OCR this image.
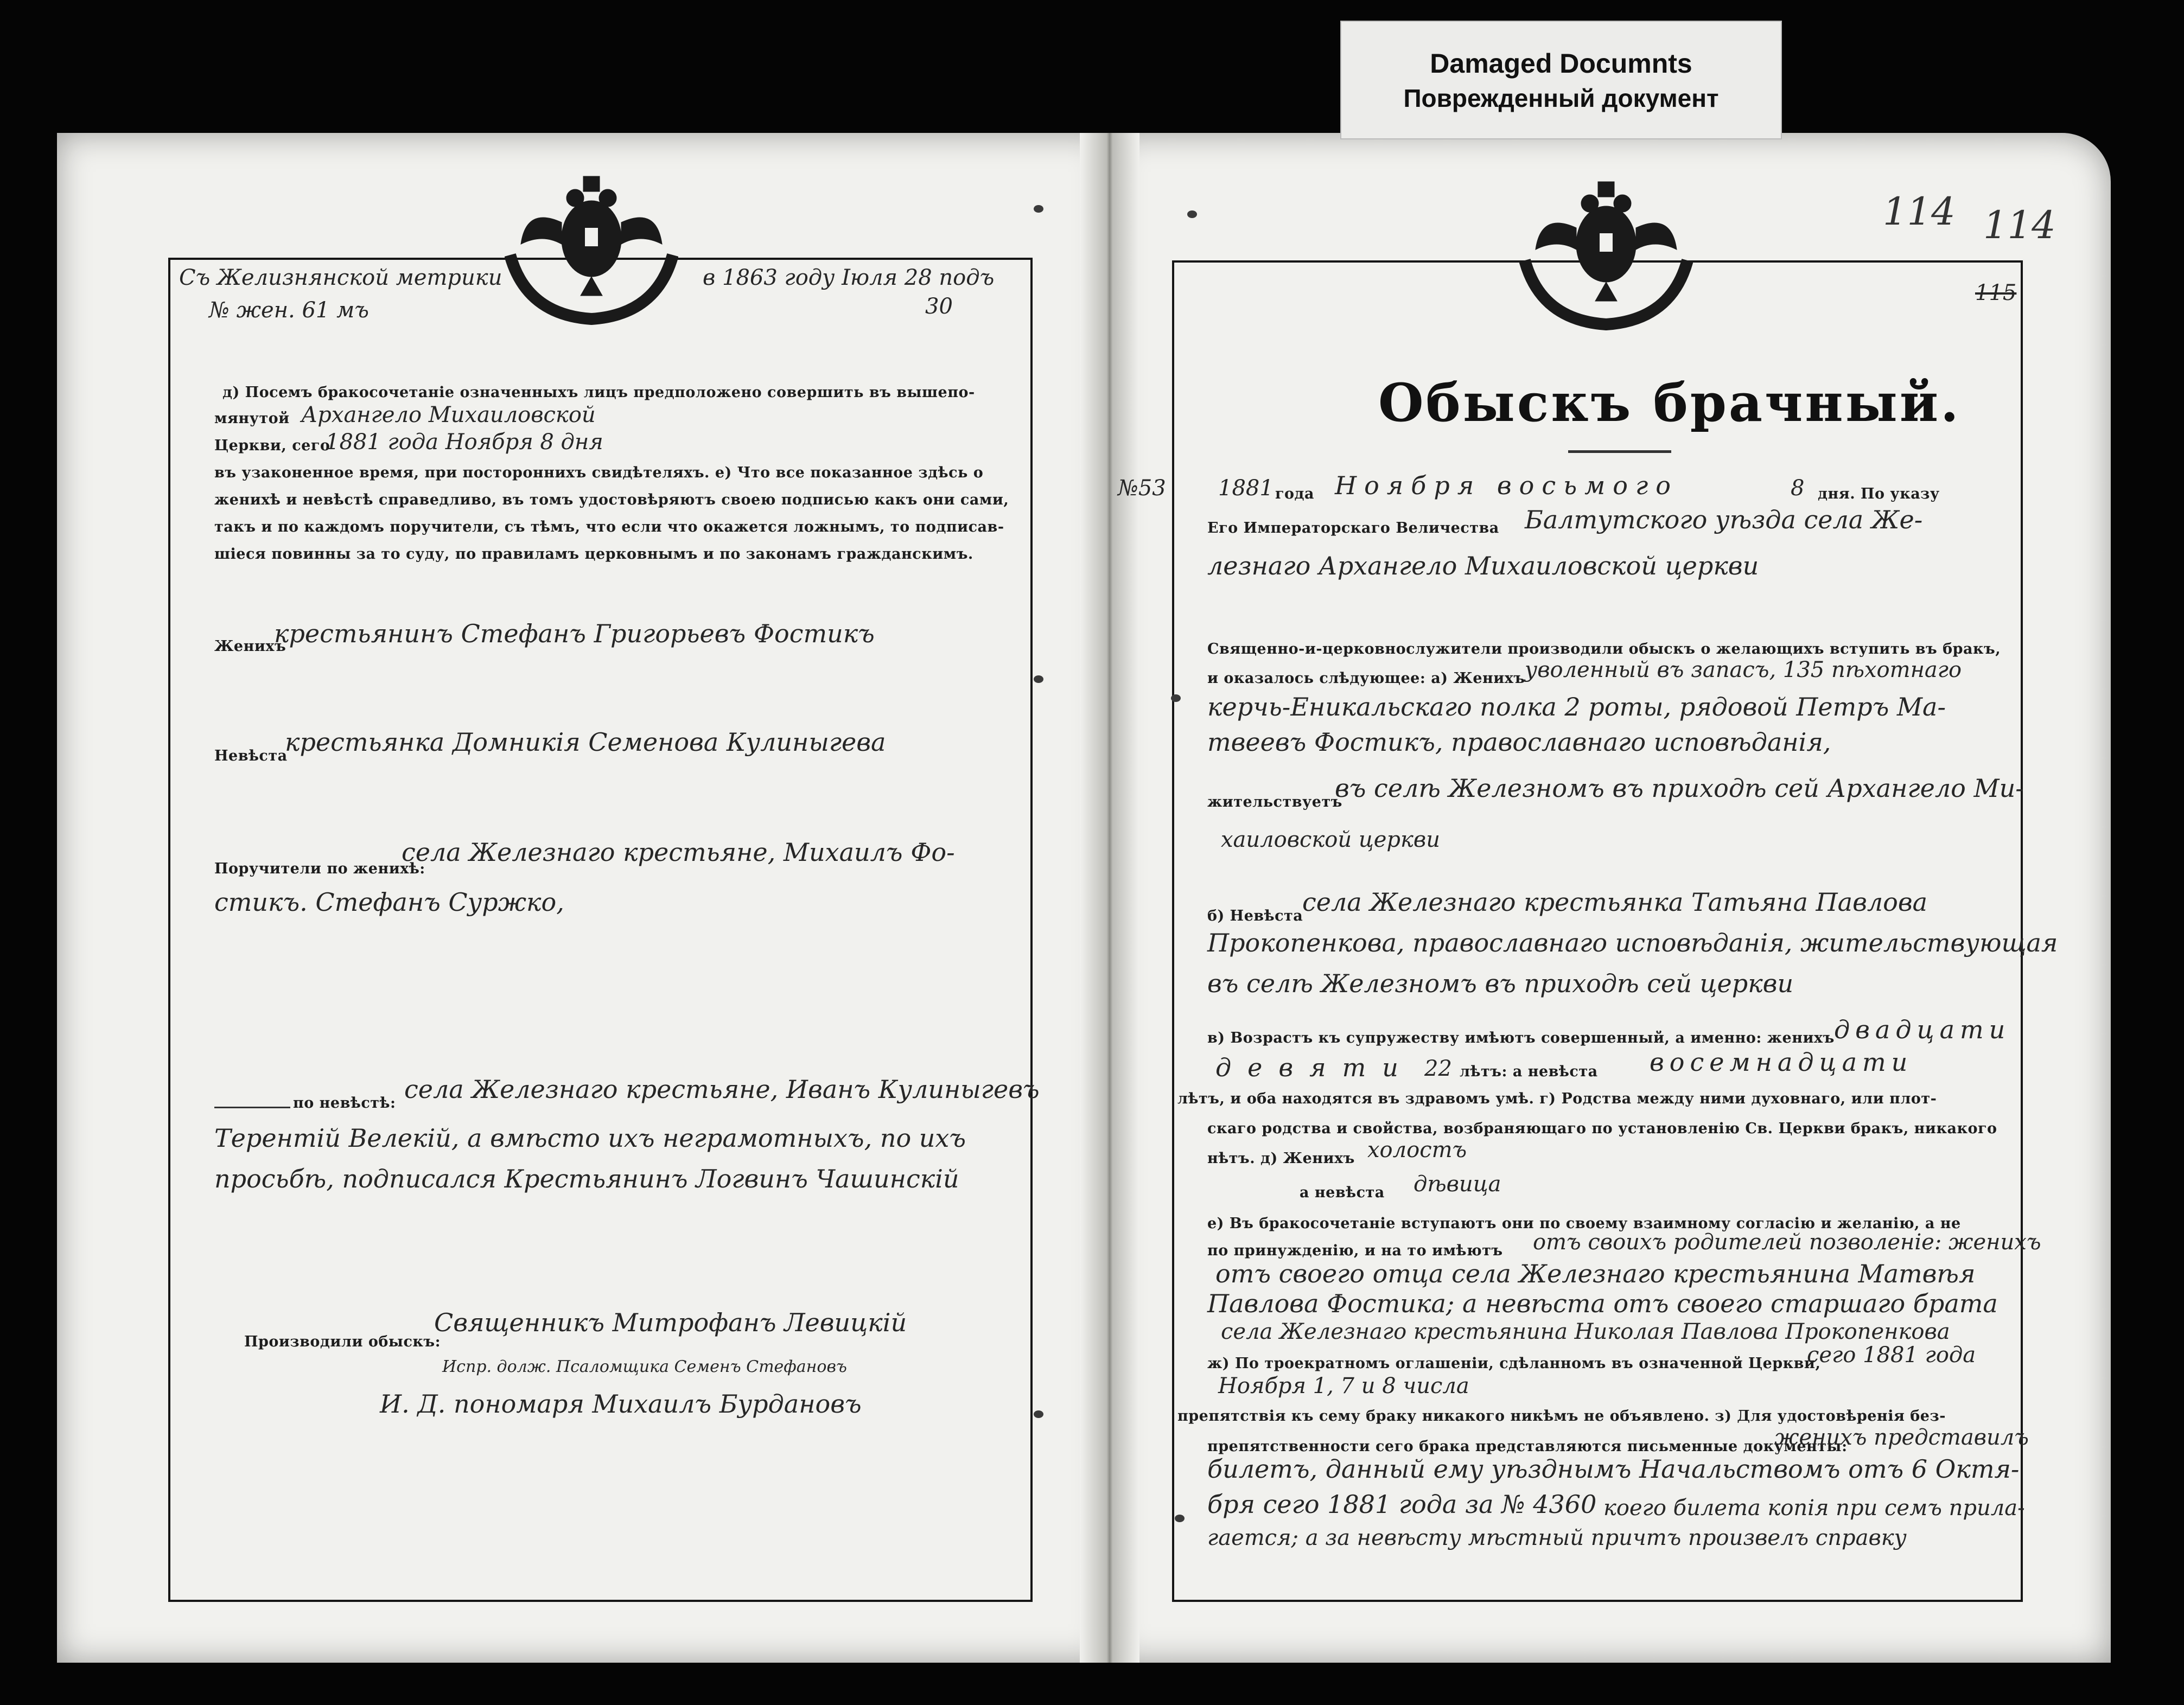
Damaged Documnts
Поврежденный документ
Съ Желизнянской метрики	в 1863 году Іюля 28 подъ
№ жен. 61 мъ	30
д) Посемъ бракосочетаніе означенныхъ лицъ предположено совершить въ вышепо-
мянутой Архангело Михаиловской
Церкви, сего
1881 года Ноября 8 дня
въ узаконенное время, при постороннихъ свидѣтеляхъ. е) Что все показанное здѣсь о
женихѣ и невѣстѣ справедливо, въ томъ удостовѣряютъ своею подписью какъ они сами,
такъ и по каждомъ поручители, съ тѣмъ, что если что окажется ложнымъ, то подписав-
шіеся повинны за то суду, по правиламъ церковнымъ и по законамъ гражданскимъ.
Женихъ
крестьянинъ Стефанъ Григорьевъ Фостикъ
Невѣста
крестьянка Домникія Семенова Кулиныгева
Поручители по женихѣ:
села Железнаго крестьяне, Михаилъ Фо-
стикъ. Стефанъ Суржко,
по невѣстѣ: села Железнаго крестьяне, Иванъ Кулиныгевъ
Терентій Велекій, а вмѣсто ихъ неграмотныхъ, по ихъ
просьбѣ, подписался Крестьянинъ Логвинъ Чашинскій
Производили обыскъ:
Священникъ Митрофанъ Левицкій
Испр. долж. Псаломщика Семенъ Стефановъ
И. Д. пономаря Михаилъ Бурдановъ
114 114
115
Обыскъ брачный.
№53 1881 года Ноября восьмого	8 дня. По указу
Его Императорскаго Величества Балтутского уѣзда села Же-
лезнаго Архангело Михаиловской церкви
Священно-и-церковнослужители производили обыскъ о желающихъ вступить въ бракъ,
и оказалось слѣдующее: а) Женихъ уволенный въ запасъ, 135 пѣхотнаго
керчь-Еникальскаго полка 2 роты, рядовой Петръ Ма-
твеевъ Фостикъ, православнаго исповѣданія,
жительствуетъ
въ селѣ Железномъ въ приходѣ сей Архангело Ми-
хаиловской церкви
б) Невѣста
села Железнаго крестьянка Татьяна Павлова
Прокопенкова, православнаго исповѣданія, жительствующая
въ селѣ Железномъ въ приходѣ сей церкви
в) Возрастъ къ супружеству имѣютъ совершенный, а именно: женихъ двадцати
девяти 22 лѣтъ: а невѣста восемнадцати
лѣтъ, и оба находятся въ здравомъ умѣ. г) Родства между ними духовнаго, или плот-
скаго родства и свойства, возбраняющаго по установленію Св. Церкви бракъ, никакого
нѣтъ. д) Женихъ холостъ
а невѣста дѣвица
е) Въ бракосочетаніе вступаютъ они по своему взаимному согласію и желанію, а не
по принужденію, и на то имѣютъ отъ своихъ родителей позволеніе: женихъ
отъ своего отца села Железнаго крестьянина Матвѣя
Павлова Фостика; а невѣста отъ своего старшаго брата
села Железнаго крестьянина Николая Павлова Прокопенкова
ж) По троекратномъ оглашеніи, сдѣланномъ въ означенной Церкви,
сего 1881 года
Ноября 1, 7 и 8 числа
препятствія къ сему браку никакого никѣмъ не объявлено. з) Для удостовѣренія без-
препятственности сего брака представляются письменные документы:
женихъ представилъ
билетъ, данный ему уѣзднымъ Начальствомъ отъ 6 Октя-
бря сего 1881 года за № 4360 коего билета копія при семъ прила-
гается; а за невѣсту мѣстный причтъ произвелъ справку
